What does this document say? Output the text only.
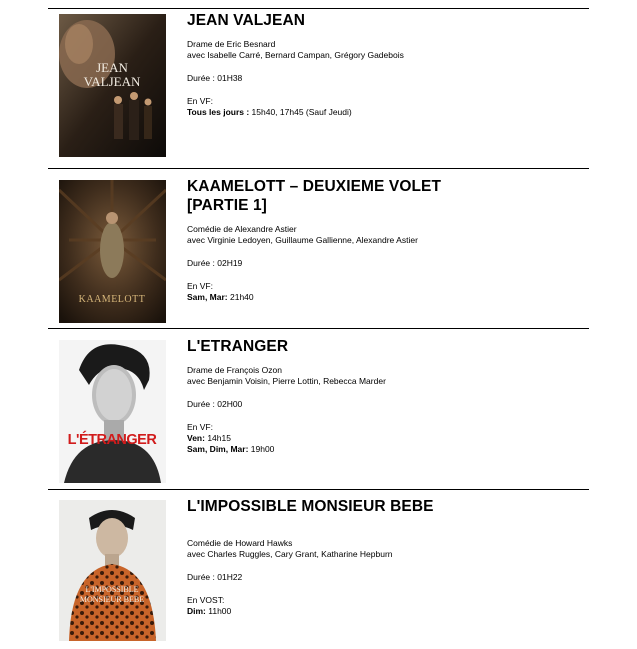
JEAN
VALJEAN
JEAN VALJEAN
Drame de Eric Besnard
avec Isabelle Carré, Bernard Campan, Grégory Gadebois
Durée : 01H38
En VF:
Tous les jours : 15h40, 17h45 (Sauf Jeudi)
KAAMELOTT
KAAMELOTT – DEUXIEME VOLET [PARTIE 1]
Comédie de Alexandre Astier
avec Virginie Ledoyen, Guillaume Gallienne, Alexandre Astier
Durée : 02H19
En VF:
Sam, Mar: 21h40
L'ÉTRANGER
L'ETRANGER
Drame de François Ozon
avec Benjamin Voisin, Pierre Lottin, Rebecca Marder
Durée : 02H00
En VF:
Ven: 14h15
Sam, Dim, Mar: 19h00
L'IMPOSSIBLE
MONSIEUR BEBE
L'IMPOSSIBLE MONSIEUR BEBE
Comédie de Howard Hawks
avec Charles Ruggles, Cary Grant, Katharine Hepburn
Durée : 01H22
En VOST:
Dim: 11h00
